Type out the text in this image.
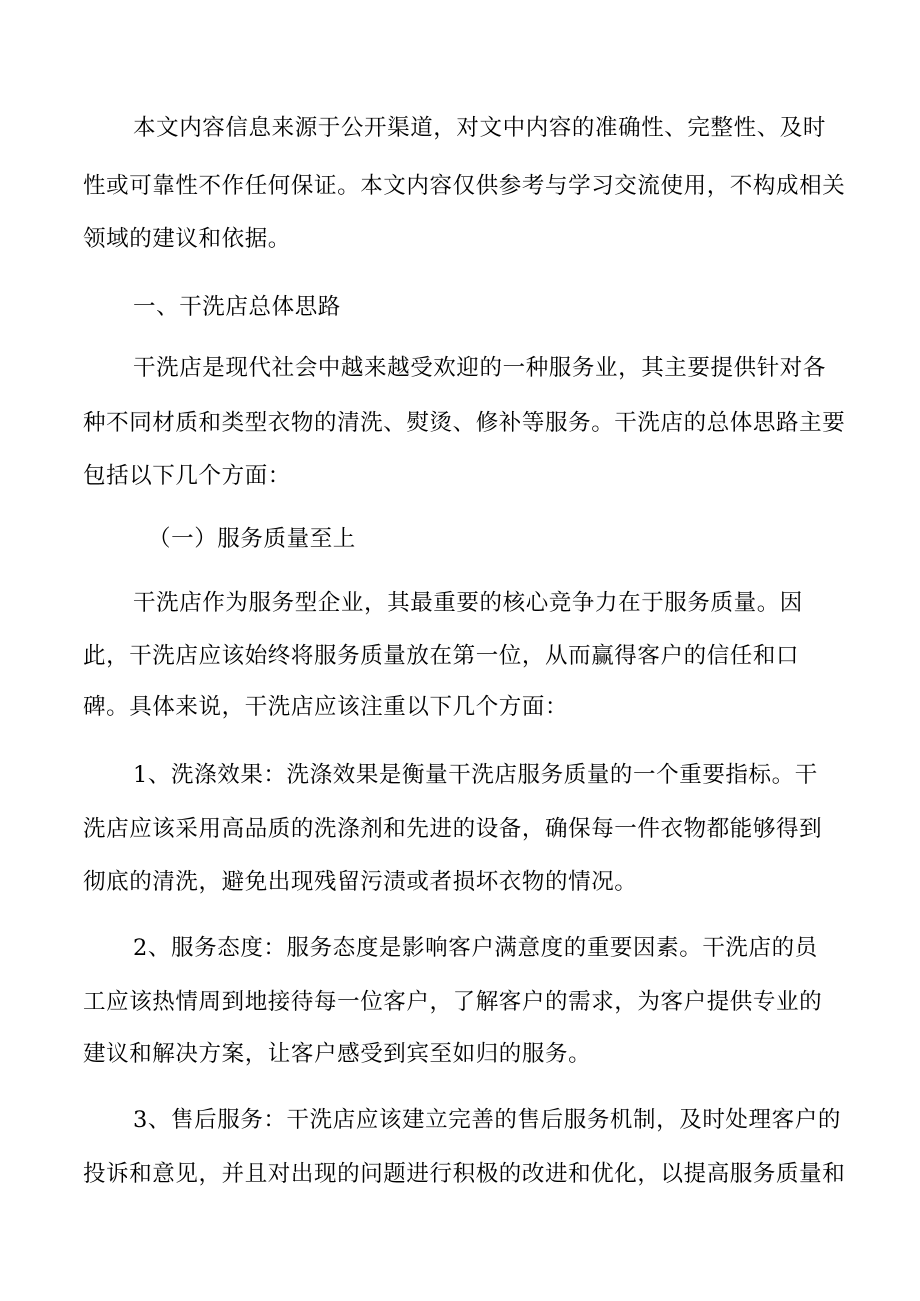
本文内容信息来源于公开渠道，对文中内容的准确性、完整性、及时

性或可靠性不作任何保证。本文内容仅供参考与学习交流使用，不构成相关

领域的建议和依据。

一、干洗店总体思路

干洗店是现代社会中越来越受欢迎的一种服务业，其主要提供针对各

种不同材质和类型衣物的清洗、熨烫、修补等服务。干洗店的总体思路主要

包括以下几个方面：

（一）服务质量至上

干洗店作为服务型企业，其最重要的核心竞争力在于服务质量。因

此，干洗店应该始终将服务质量放在第一位，从而赢得客户的信任和口

碑。具体来说，干洗店应该注重以下几个方面：

1、洗涤效果：洗涤效果是衡量干洗店服务质量的一个重要指标。干

洗店应该采用高品质的洗涤剂和先进的设备，确保每一件衣物都能够得到

彻底的清洗，避免出现残留污渍或者损坏衣物的情况。

2、服务态度：服务态度是影响客户满意度的重要因素。干洗店的员

工应该热情周到地接待每一位客户，了解客户的需求，为客户提供专业的

建议和解决方案，让客户感受到宾至如归的服务。

3、售后服务：干洗店应该建立完善的售后服务机制，及时处理客户的

投诉和意见，并且对出现的问题进行积极的改进和优化，以提高服务质量和
